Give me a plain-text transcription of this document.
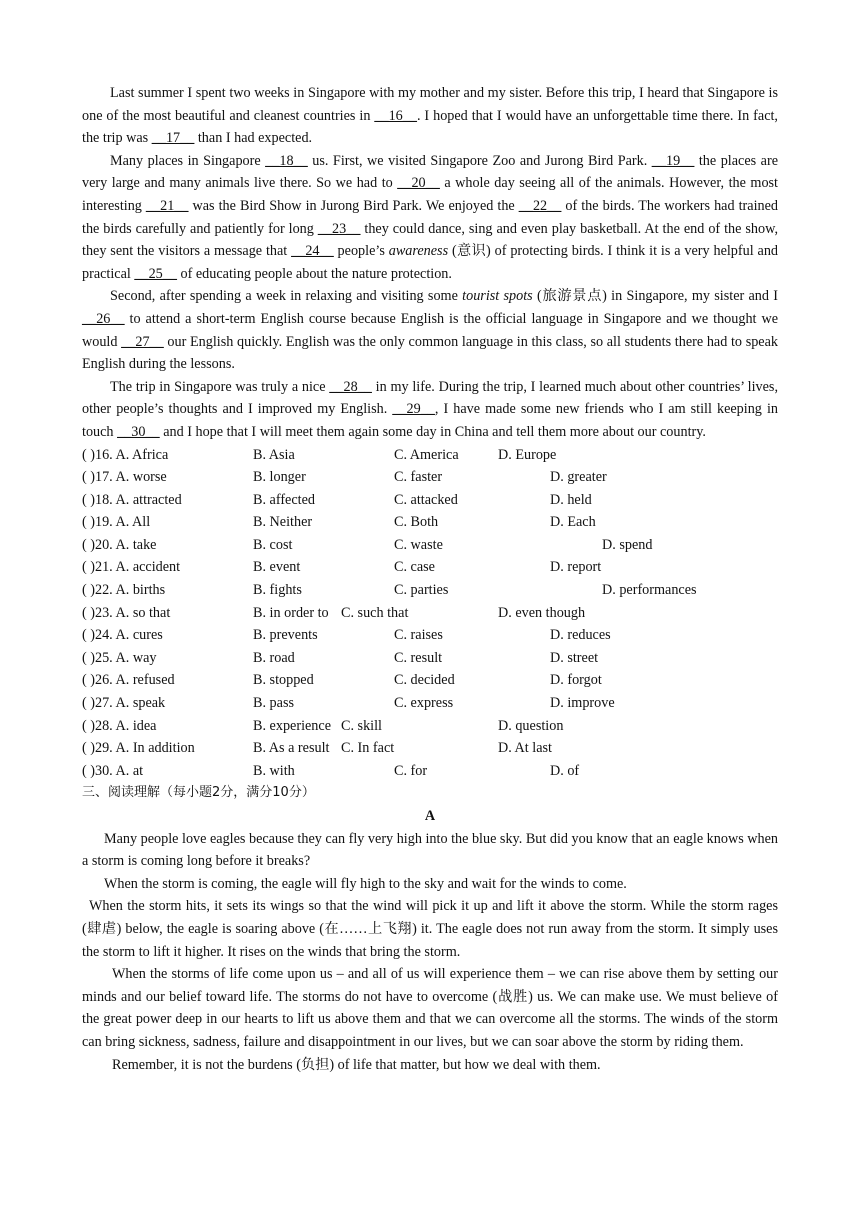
Last summer I spent two weeks in Singapore with my mother and my sister. Before this trip, I heard that Singapore is one of the most beautiful and cleanest countries in __16__. I hoped that I would have an unforgettable time there. In fact, the trip was __17__ than I had expected.

Many places in Singapore __18__ us. First, we visited Singapore Zoo and Jurong Bird Park. __19__ the places are very large and many animals live there. So we had to __20__ a whole day seeing all of the animals. However, the most interesting __21__ was the Bird Show in Jurong Bird Park. We enjoyed the __22__ of the birds. The workers had trained the birds carefully and patiently for long __23__ they could dance, sing and even play basketball. At the end of the show, they sent the visitors a message that __24__ people’s awareness (意识) of protecting birds. I think it is a very helpful and practical __25__ of educating people about the nature protection.

Second, after spending a week in relaxing and visiting some tourist spots (旅游景点) in Singapore, my sister and I __26__ to attend a short-term English course because English is the official language in Singapore and we thought we would __27__ our English quickly. English was the only common language in this class, so all students there had to speak English during the lessons.

The trip in Singapore was truly a nice __28__ in my life. During the trip, I learned much about other countries’ lives, other people’s thoughts and I improved my English. __29__, I have made some new friends who I am still keeping in touch __30__ and I hope that I will meet them again some day in China and tell them more about our country.

( )16. A. Africa	B. Asia	C. America	D. Europe
( )17. A. worse	B. longer	C. faster	D. greater
( )18. A. attracted	B. affected	C. attacked	D. held
( )19. A. All	B. Neither	C. Both	D. Each
( )20. A. take	B. cost	C. waste	D. spend
( )21. A. accident	B. event	C. case	D. report
( )22. A. births	B. fights	C. parties	D. performances
( )23. A. so that	B. in order to C. such that	D. even though
( )24. A. cures	B. prevents	C. raises	D. reduces
( )25. A. way	B. road	C. result	D. street
( )26. A. refused	B. stopped	C. decided	D. forgot
( )27. A. speak	B. pass	C. express	D. improve
( )28. A. idea	B. experience C. skill	D. question
( )29. A. In addition	B. As a result C. In fact	D. At last
( )30. A. at	B. with	C. for	D. of

三、阅读理解（每小题2分，满分10分）

A

Many people love eagles because they can fly very high into the blue sky. But did you know that an eagle knows when a storm is coming long before it breaks?

When the storm is coming, the eagle will fly high to the sky and wait for the winds to come.

When the storm hits, it sets its wings so that the wind will pick it up and lift it above the storm. While the storm rages (肆虐) below, the eagle is soaring above (在……上飞翔) it. The eagle does not run away from the storm. It simply uses the storm to lift it higher. It rises on the winds that bring the storm.

When the storms of life come upon us – and all of us will experience them – we can rise above them by setting our minds and our belief toward life. The storms do not have to overcome (战胜) us. We can make use. We must believe of the great power deep in our hearts to lift us above them and that we can overcome all the storms. The winds of the storm can bring sickness, sadness, failure and disappointment in our lives, but we can soar above the storm by riding them.

Remember, it is not the burdens (负担) of life that matter, but how we deal with them.
